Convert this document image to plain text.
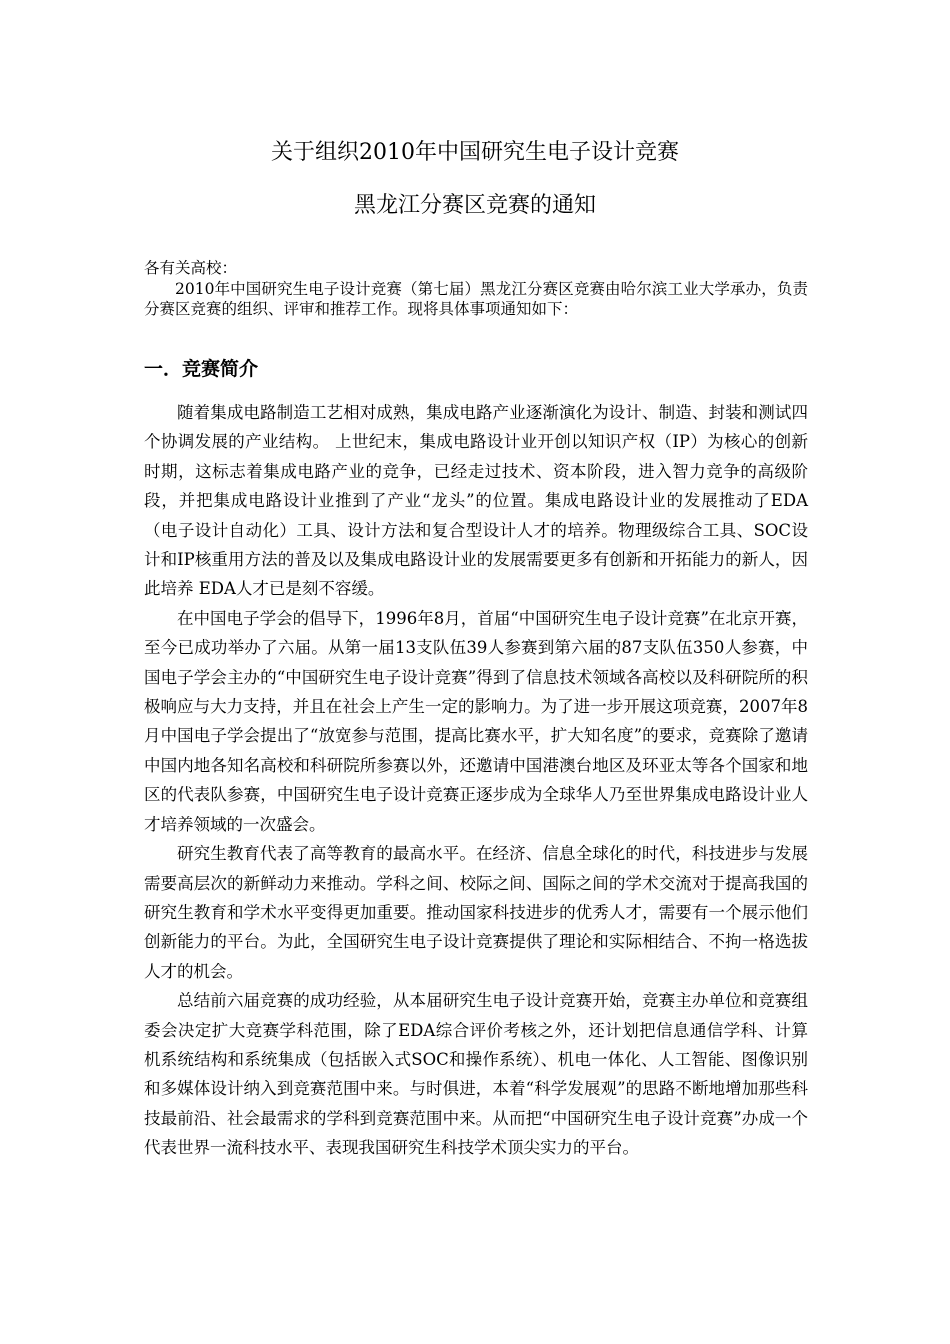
关于组织2010年中国研究生电子设计竞赛
黑龙江分赛区竞赛的通知

各有关高校：

2010年中国研究生电子设计竞赛（第七届）黑龙江分赛区竞赛由哈尔滨工业大学承办，负责分赛区竞赛的组织、评审和推荐工作。现将具体事项通知如下：

一．竞赛简介

随着集成电路制造工艺相对成熟，集成电路产业逐渐演化为设计、制造、封装和测试四个协调发展的产业结构。 上世纪末，集成电路设计业开创以知识产权（IP）为核心的创新时期，这标志着集成电路产业的竞争，已经走过技术、资本阶段，进入智力竞争的高级阶段，并把集成电路设计业推到了产业“龙头”的位置。集成电路设计业的发展推动了EDA（电子设计自动化）工具、设计方法和复合型设计人才的培养。物理级综合工具、SOC设计和IP核重用方法的普及以及集成电路设计业的发展需要更多有创新和开拓能力的新人，因此培养 EDA人才已是刻不容缓。

在中国电子学会的倡导下，1996年8月，首届“中国研究生电子设计竞赛”在北京开赛，至今已成功举办了六届。从第一届13支队伍39人参赛到第六届的87支队伍350人参赛，中国电子学会主办的“中国研究生电子设计竞赛”得到了信息技术领域各高校以及科研院所的积极响应与大力支持，并且在社会上产生一定的影响力。为了进一步开展这项竞赛，2007年8月中国电子学会提出了“放宽参与范围，提高比赛水平，扩大知名度”的要求，竞赛除了邀请中国内地各知名高校和科研院所参赛以外，还邀请中国港澳台地区及环亚太等各个国家和地区的代表队参赛，中国研究生电子设计竞赛正逐步成为全球华人乃至世界集成电路设计业人才培养领域的一次盛会。

研究生教育代表了高等教育的最高水平。在经济、信息全球化的时代，科技进步与发展需要高层次的新鲜动力来推动。学科之间、校际之间、国际之间的学术交流对于提高我国的研究生教育和学术水平变得更加重要。推动国家科技进步的优秀人才，需要有一个展示他们创新能力的平台。为此，全国研究生电子设计竞赛提供了理论和实际相结合、不拘一格选拔人才的机会。

总结前六届竞赛的成功经验，从本届研究生电子设计竞赛开始，竞赛主办单位和竞赛组委会决定扩大竞赛学科范围，除了EDA综合评价考核之外，还计划把信息通信学科、计算机系统结构和系统集成（包括嵌入式SOC和操作系统）、机电一体化、人工智能、图像识别和多媒体设计纳入到竞赛范围中来。与时俱进，本着“科学发展观”的思路不断地增加那些科技最前沿、社会最需求的学科到竞赛范围中来。从而把“中国研究生电子设计竞赛”办成一个代表世界一流科技水平、表现我国研究生科技学术顶尖实力的平台。
